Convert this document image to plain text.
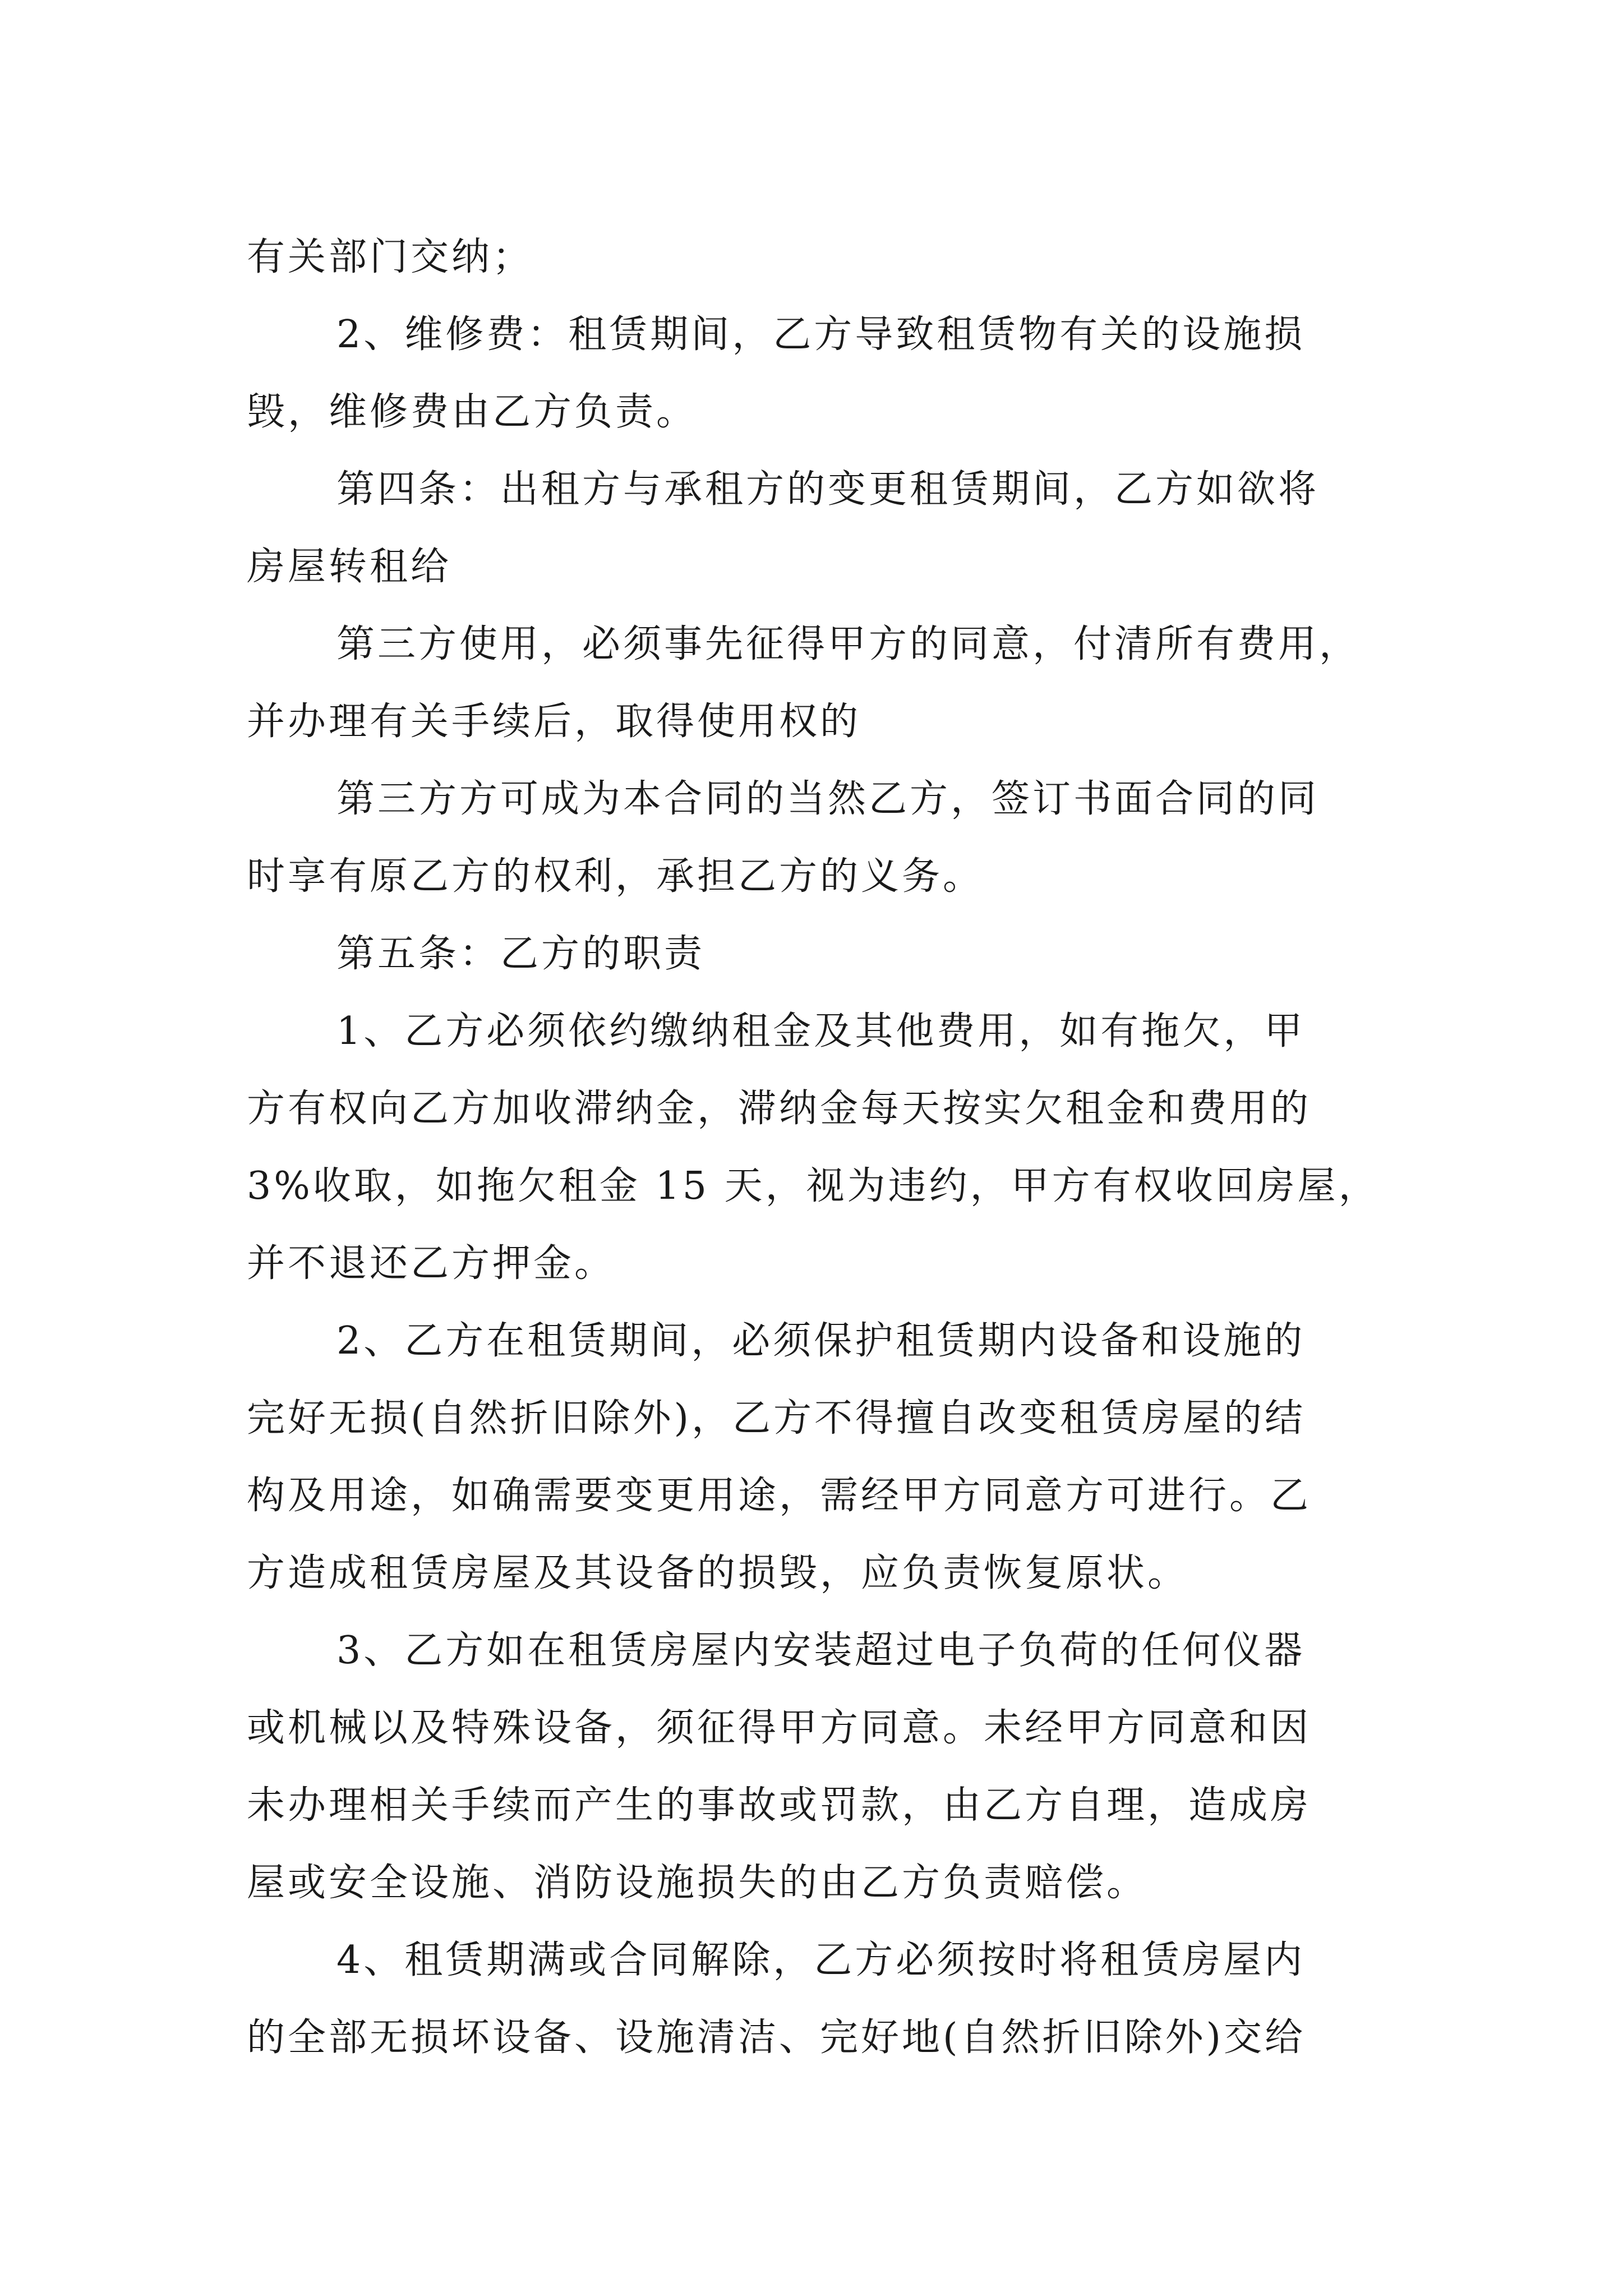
有关部门交纳；
2、维修费：租赁期间，乙方导致租赁物有关的设施损
毁，维修费由乙方负责。
第四条：出租方与承租方的变更租赁期间，乙方如欲将
房屋转租给
第三方使用，必须事先征得甲方的同意，付清所有费用，
并办理有关手续后，取得使用权的
第三方方可成为本合同的当然乙方，签订书面合同的同
时享有原乙方的权利，承担乙方的义务。
第五条：乙方的职责
1、乙方必须依约缴纳租金及其他费用，如有拖欠，甲
方有权向乙方加收滞纳金，滞纳金每天按实欠租金和费用的
3%收取，如拖欠租金 15 天，视为违约，甲方有权收回房屋，
并不退还乙方押金。
2、乙方在租赁期间，必须保护租赁期内设备和设施的
完好无损(自然折旧除外)，乙方不得擅自改变租赁房屋的结
构及用途，如确需要变更用途，需经甲方同意方可进行。乙
方造成租赁房屋及其设备的损毁，应负责恢复原状。
3、乙方如在租赁房屋内安装超过电子负荷的任何仪器
或机械以及特殊设备，须征得甲方同意。未经甲方同意和因
未办理相关手续而产生的事故或罚款，由乙方自理，造成房
屋或安全设施、消防设施损失的由乙方负责赔偿。
4、租赁期满或合同解除，乙方必须按时将租赁房屋内
的全部无损坏设备、设施清洁、完好地(自然折旧除外)交给
